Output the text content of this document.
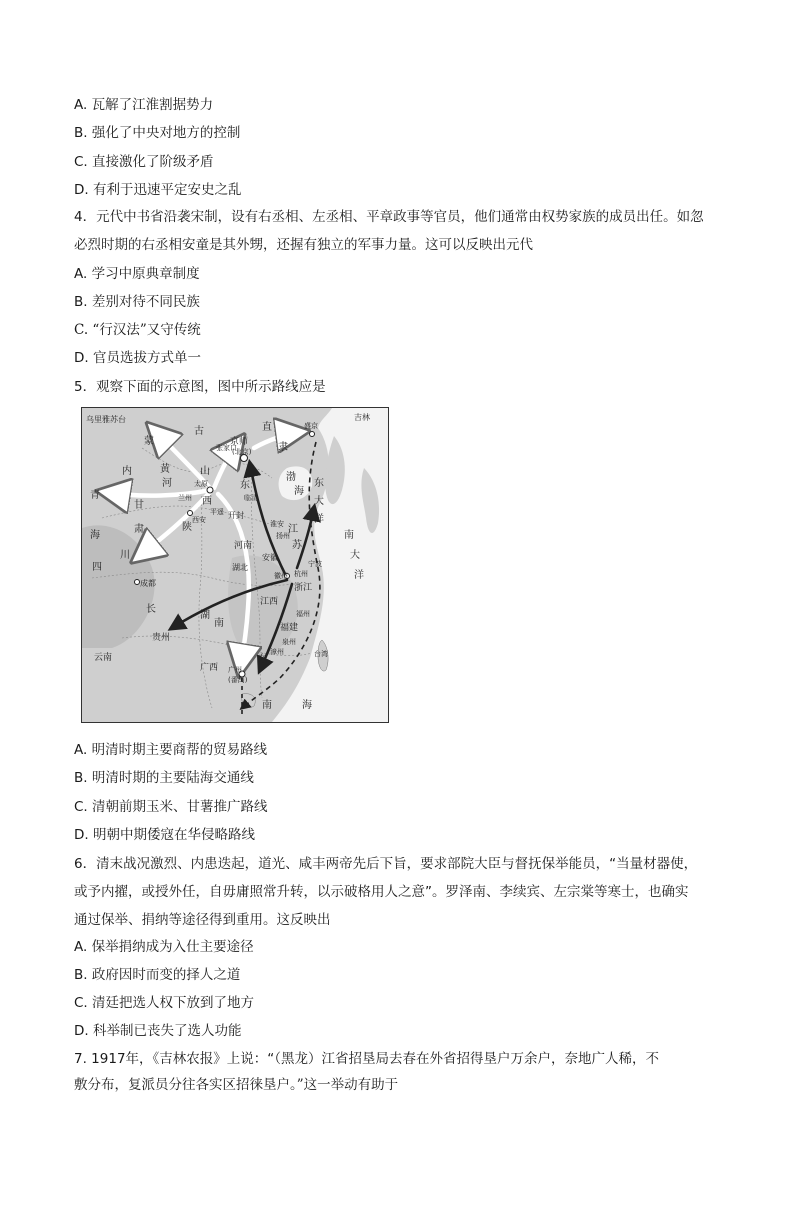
A. 瓦解了江淮割据势力
B. 强化了中央对地方的控制
C. 直接激化了阶级矛盾
D. 有利于迅速平定安史之乱
4．元代中书省沿袭宋制，设有右丞相、左丞相、平章政事等官员，他们通常由权势家族的成员出任。如忽
必烈时期的右丞相安童是其外甥，还握有独立的军事力量。这可以反映出元代
A. 学习中原典章制度
B. 差别对待不同民族
C. “行汉法”又守传统
D. 官员选拔方式单一
5．观察下面的示意图，图中所示路线应是
乌里雅苏台	吉林
蒙
古	直
隶
盛京
京师
(北京)
张家口
内	黄
河
山
西
太原	东
临清
渤
海
青
甘
肃
兰州
平遥
西安
陕
开封
河南
淮安
扬州
江
苏
安徽
四
川
成都
湖北
湖
南
江西
杭州
浙江
徽州
宁波
长
贵州
云南
广西 广州
(番禺)
福建
福州
泉州
漳州
东	台湾
东
大
洋
南
大
洋
南	海
海
A. 明清时期主要商帮的贸易路线
B. 明清时期的主要陆海交通线
C. 清朝前期玉米、甘薯推广路线
D. 明朝中期倭寇在华侵略路线
6．清末战况激烈、内患迭起，道光、咸丰两帝先后下旨，要求部院大臣与督抚保举能员，“当量材器使，
或予内擢，或授外任，自毋庸照常升转，以示破格用人之意”。罗泽南、李续宾、左宗棠等寒士，也确实
通过保举、捐纳等途径得到重用。这反映出
A. 保举捐纳成为入仕主要途径
B. 政府因时而变的择人之道
C. 清廷把选人权下放到了地方
D. 科举制已丧失了选人功能
7. 1917年，《吉林农报》上说：“（黑龙）江省招垦局去春在外省招得垦户万余户，奈地广人稀，不
敷分布，复派员分往各实区招徕垦户。”这一举动有助于
